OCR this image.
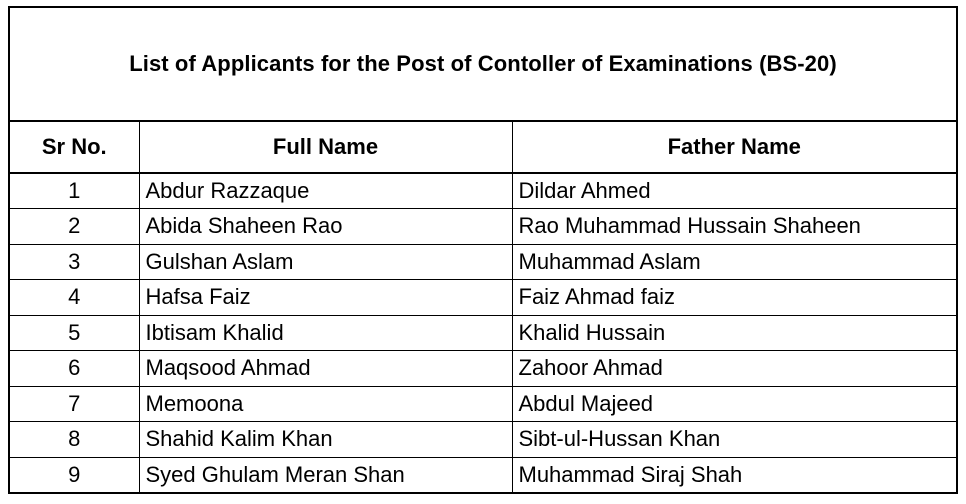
List of Applicants for the Post of Contoller of Examinations (BS-20)
Sr No.	Full Name	Father Name
1	Abdur Razzaque	Dildar Ahmed
2	Abida Shaheen Rao	Rao Muhammad Hussain Shaheen
3	Gulshan Aslam	Muhammad Aslam
4	Hafsa Faiz	Faiz Ahmad faiz
5	Ibtisam Khalid	Khalid Hussain
6	Maqsood Ahmad	Zahoor Ahmad
7	Memoona	Abdul Majeed
8	Shahid Kalim Khan	Sibt-ul-Hussan Khan
9	Syed Ghulam Meran Shan	Muhammad Siraj Shah
